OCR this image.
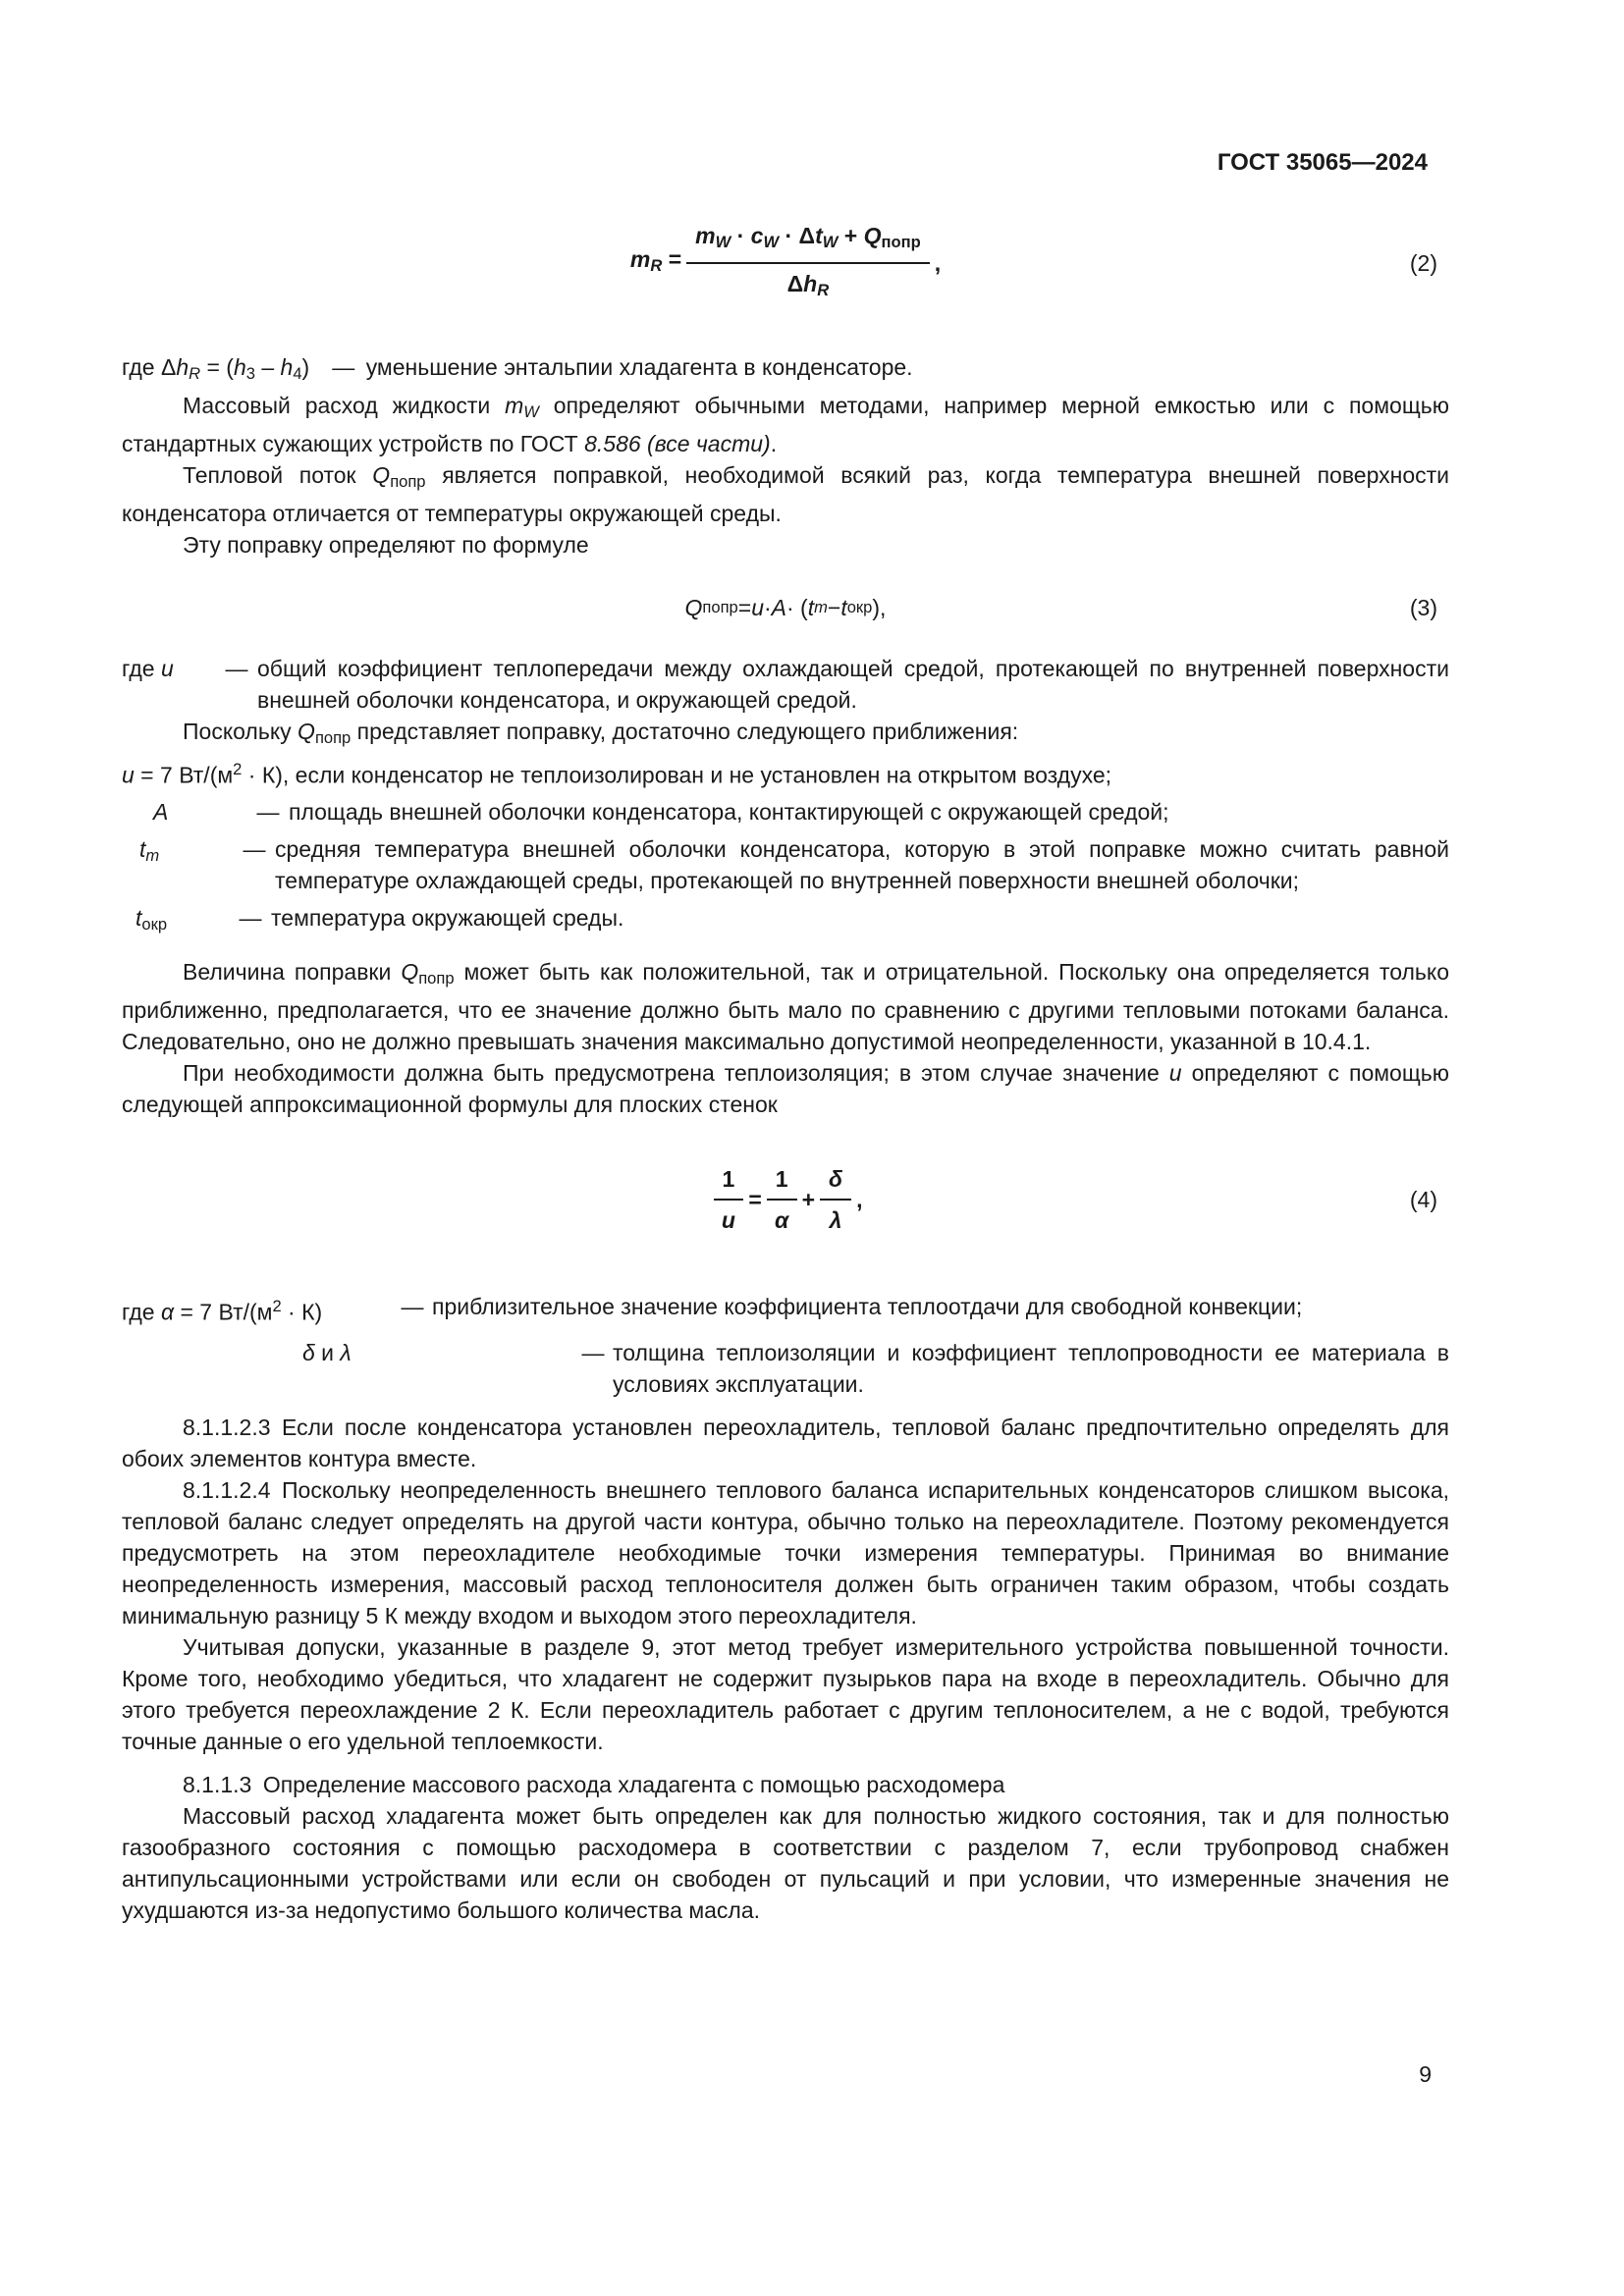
ГОСТ 35065—2024
mR = $\frac{\text{mW · cW · ΔtW + Qпопр}}{\text{ΔhR}}$ ,	(2)
где ΔhR = (h3 – h4)  — уменьшение энтальпии хладагента в конденсаторе.
Массовый расход жидкости mW определяют обычными методами, например мерной емкостью или с помощью стандартных сужающих устройств по ГОСТ 8.586 (все части).
Тепловой поток Qпопр является поправкой, необходимой всякий раз, когда температура внешней поверхности конденсатора отличается от температуры окружающей среды.
Эту поправку определяют по формуле
Q попр = u · A · ( t m − t окр ),	(3)
где u	— общий коэффициент теплопередачи между охлаждающей средой, протекающей по внутренней поверхности внешней оболочки конденсатора, и окружающей средой.
Поскольку Qпопр представляет поправку, достаточно следующего приближения:
u = 7 $Вт/(м^2 \cdot К)$, если конденсатор не теплоизолирован и не установлен на открытом воздухе;
A	— площадь внешней оболочки конденсатора, контактирующей с окружающей средой;
tm	— средняя температура внешней оболочки конденсатора, которую в этой поправке можно считать равной температуре охлаждающей среды, протекающей по внутренней поверхности внешней оболочки;
tокр	— температура окружающей среды.
Величина поправки Qпопр может быть как положительной, так и отрицательной. Поскольку она определяется только приближенно, предполагается, что ее значение должно быть мало по сравнению с другими тепловыми потоками баланса. Следовательно, оно не должно превышать значения максимально допустимой неопределенности, указанной в 10.4.1.
При необходимости должна быть предусмотрена теплоизоляция; в этом случае значение u определяют с помощью следующей аппроксимационной формулы для плоских стенок
$\frac{1}{u} = \frac{1}{\alpha} + \frac{\delta}{\lambda}$ ,	(4)
где α = 7 $Вт/(м^2 \cdot К)$	— приблизительное значение коэффициента теплоотдачи для свободной конвекции;
δ и λ	— толщина теплоизоляции и коэффициент теплопроводности ее материала в условиях эксплуатации.
8.1.1.2.3 Если после конденсатора установлен переохладитель, тепловой баланс предпочтительно определять для обоих элементов контура вместе.
8.1.1.2.4 Поскольку неопределенность внешнего теплового баланса испарительных конденсаторов слишком высока, тепловой баланс следует определять на другой части контура, обычно только на переохладителе. Поэтому рекомендуется предусмотреть на этом переохладителе необходимые точки измерения температуры. Принимая во внимание неопределенность измерения, массовый расход теплоносителя должен быть ограничен таким образом, чтобы создать минимальную разницу 5 К между входом и выходом этого переохладителя.
Учитывая допуски, указанные в разделе 9, этот метод требует измерительного устройства повышенной точности. Кроме того, необходимо убедиться, что хладагент не содержит пузырьков пара на входе в переохладитель. Обычно для этого требуется переохлаждение 2 К. Если переохладитель работает с другим теплоносителем, а не с водой, требуются точные данные о его удельной теплоемкости.
8.1.1.3 Определение массового расхода хладагента с помощью расходомера
Массовый расход хладагента может быть определен как для полностью жидкого состояния, так и для полностью газообразного состояния с помощью расходомера в соответствии с разделом 7, если трубопровод снабжен антипульсационными устройствами или если он свободен от пульсаций и при условии, что измеренные значения не ухудшаются из-за недопустимо большого количества масла.
9
